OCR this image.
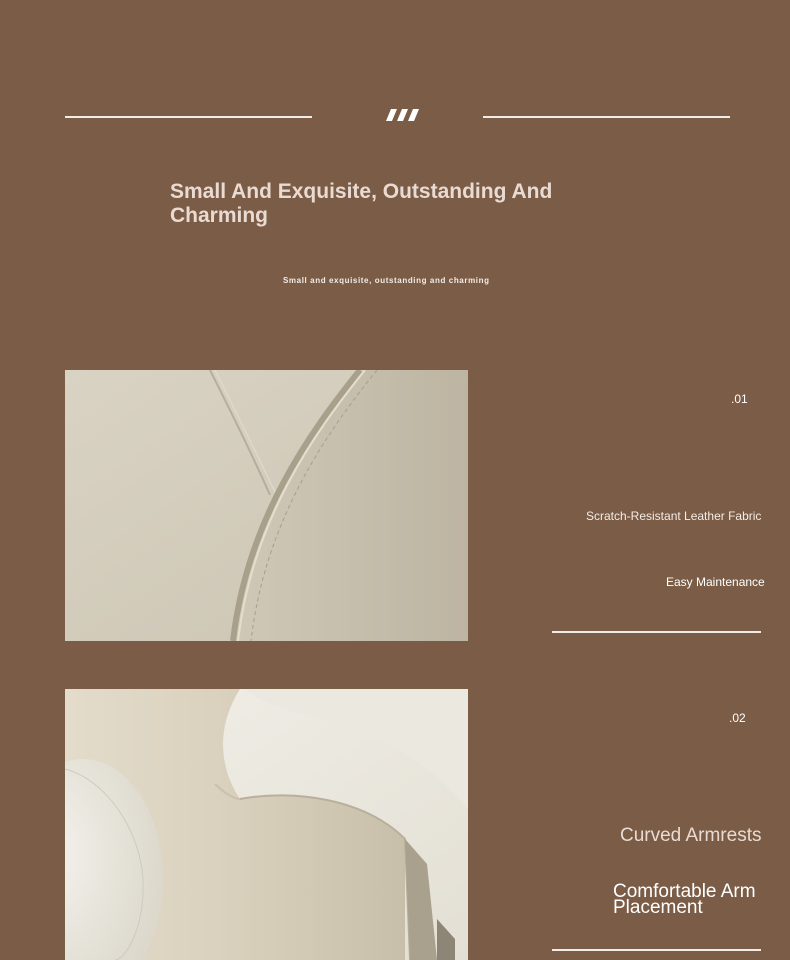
Small And Exquisite, Outstanding And Charming
Small and exquisite, outstanding and charming
.01
Scratch-Resistant Leather Fabric
Easy Maintenance
.02
Curved Armrests
Comfortable Arm Placement
